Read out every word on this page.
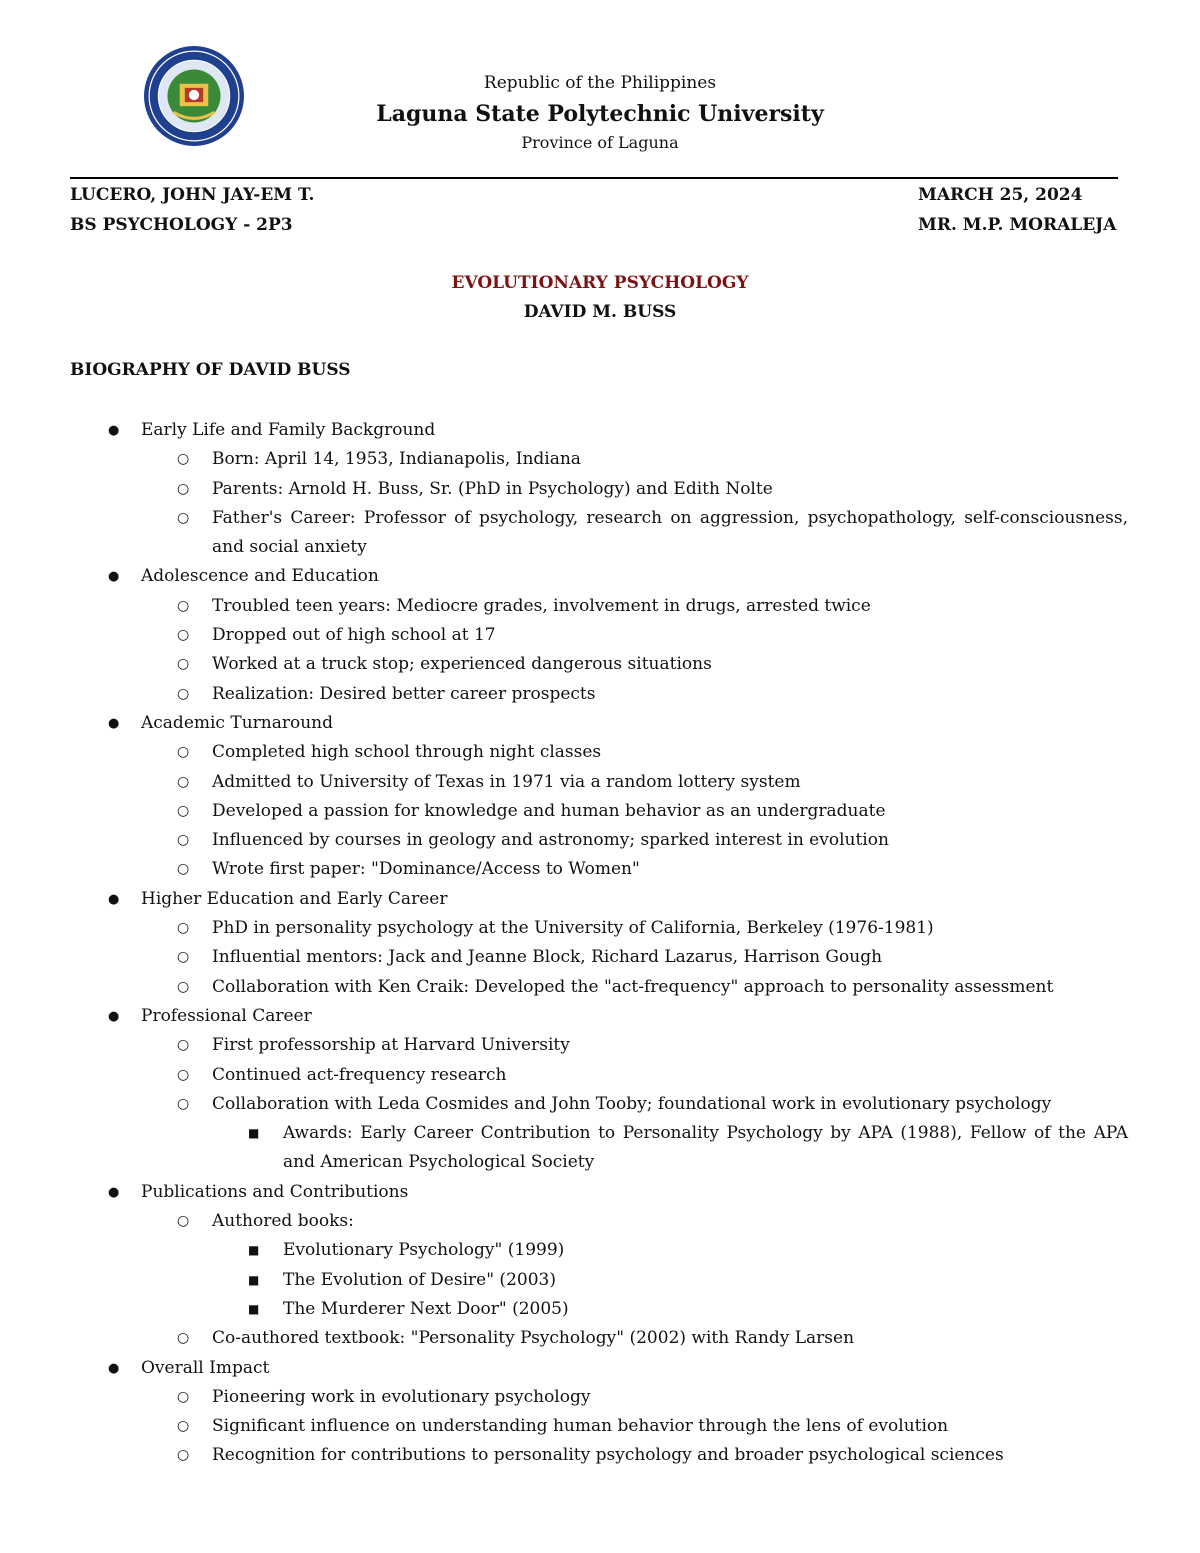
Republic of the Philippines
Laguna State Polytechnic University
Province of Laguna
LUCERO, JOHN JAY-EM T.
BS PSYCHOLOGY - 2P3
MARCH 25, 2024
MR. M.P. MORALEJA
EVOLUTIONARY PSYCHOLOGY
DAVID M. BUSS
BIOGRAPHY OF DAVID BUSS
● Early Life and Family Background
○ Born: April 14, 1953, Indianapolis, Indiana
○ Parents: Arnold H. Buss, Sr. (PhD in Psychology) and Edith Nolte
○ Father's Career: Professor of psychology, research on aggression, psychopathology, self-consciousness, and social anxiety
● Adolescence and Education
○ Troubled teen years: Mediocre grades, involvement in drugs, arrested twice
○ Dropped out of high school at 17
○ Worked at a truck stop; experienced dangerous situations
○ Realization: Desired better career prospects
● Academic Turnaround
○ Completed high school through night classes
○ Admitted to University of Texas in 1971 via a random lottery system
○ Developed a passion for knowledge and human behavior as an undergraduate
○ Influenced by courses in geology and astronomy; sparked interest in evolution
○ Wrote first paper: "Dominance/Access to Women"
● Higher Education and Early Career
○ PhD in personality psychology at the University of California, Berkeley (1976-1981)
○ Influential mentors: Jack and Jeanne Block, Richard Lazarus, Harrison Gough
○ Collaboration with Ken Craik: Developed the "act-frequency" approach to personality assessment
● Professional Career
○ First professorship at Harvard University
○ Continued act-frequency research
○ Collaboration with Leda Cosmides and John Tooby; foundational work in evolutionary psychology
■ Awards: Early Career Contribution to Personality Psychology by APA (1988), Fellow of the APA and American Psychological Society
● Publications and Contributions
○ Authored books:
■ Evolutionary Psychology" (1999)
■ The Evolution of Desire" (2003)
■ The Murderer Next Door" (2005)
○ Co-authored textbook: "Personality Psychology" (2002) with Randy Larsen
● Overall Impact
○ Pioneering work in evolutionary psychology
○ Significant influence on understanding human behavior through the lens of evolution
○ Recognition for contributions to personality psychology and broader psychological sciences
